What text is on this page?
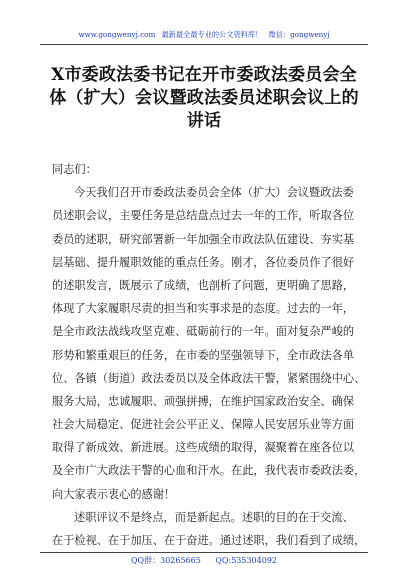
www.gongwenyj.com 最新最全最专业的公文资料库！ 微信：gongwenyj
X市委政法委书记在开市委政法委员会全
体（扩大）会议暨政法委员述职会议上的
讲话
同志们：
今天我们召开市委政法委员会全体（扩大）会议暨政法委
员述职会议，主要任务是总结盘点过去一年的工作，听取各位
委员的述职，研究部署新一年加强全市政法队伍建设、夯实基
层基础、提升履职效能的重点任务。刚才，各位委员作了很好
的述职发言，既展示了成绩，也剖析了问题，更明确了思路，
体现了大家履职尽责的担当和实事求是的态度。过去的一年，
是全市政法战线攻坚克难、砥砺前行的一年。面对复杂严峻的
形势和繁重艰巨的任务，在市委的坚强领导下，全市政法各单
位、各镇（街道）政法委员以及全体政法干警，紧紧围绕中心、
服务大局，忠诚履职、顽强拼搏，在维护国家政治安全、确保
社会大局稳定、促进社会公平正义、保障人民安居乐业等方面
取得了新成效、新进展。这些成绩的取得，凝聚着在座各位以
及全市广大政法干警的心血和汗水。在此，我代表市委政法委，
向大家表示衷心的感谢！
述职评议不是终点，而是新起点。述职的目的在于交流、
在于检视、在于加压、在于奋进。通过述职，我们看到了成绩，
QQ群：30265665 QQ:535304092
